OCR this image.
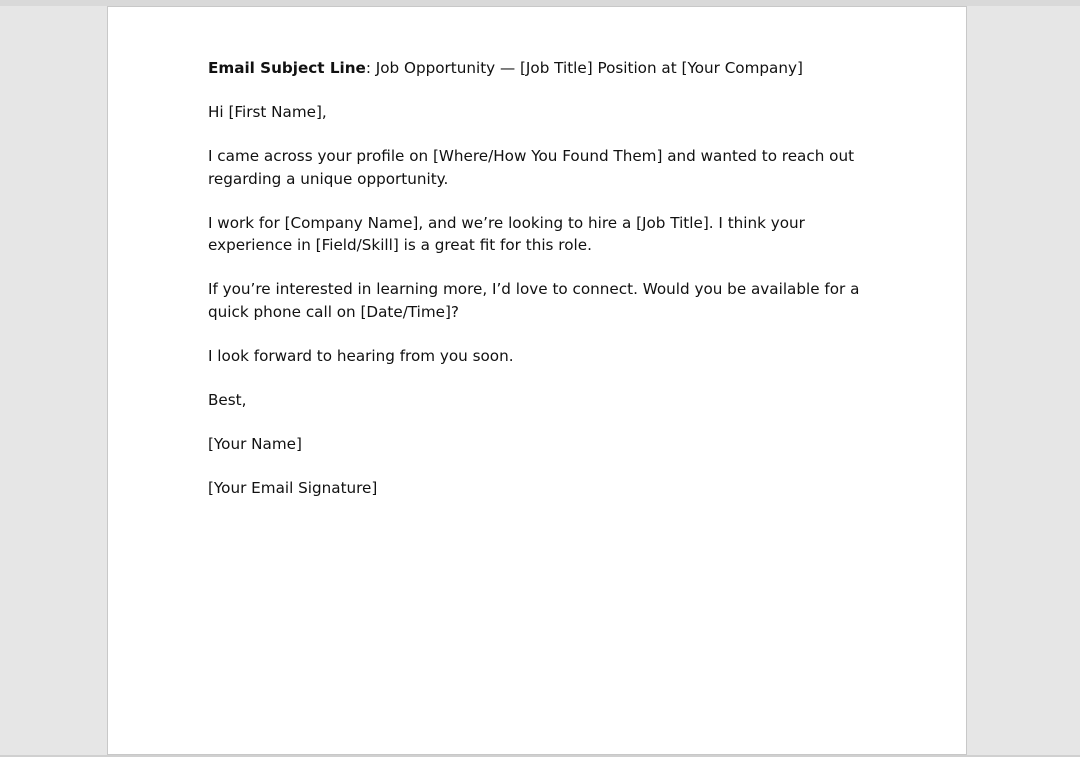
Email Subject Line: Job Opportunity — [Job Title] Position at [Your Company]

Hi [First Name],

I came across your profile on [Where/How You Found Them] and wanted to reach out regarding a unique opportunity.

I work for [Company Name], and we’re looking to hire a [Job Title]. I think your experience in [Field/Skill] is a great fit for this role.

If you’re interested in learning more, I’d love to connect. Would you be available for a quick phone call on [Date/Time]?

I look forward to hearing from you soon.

Best,

[Your Name]

[Your Email Signature]
